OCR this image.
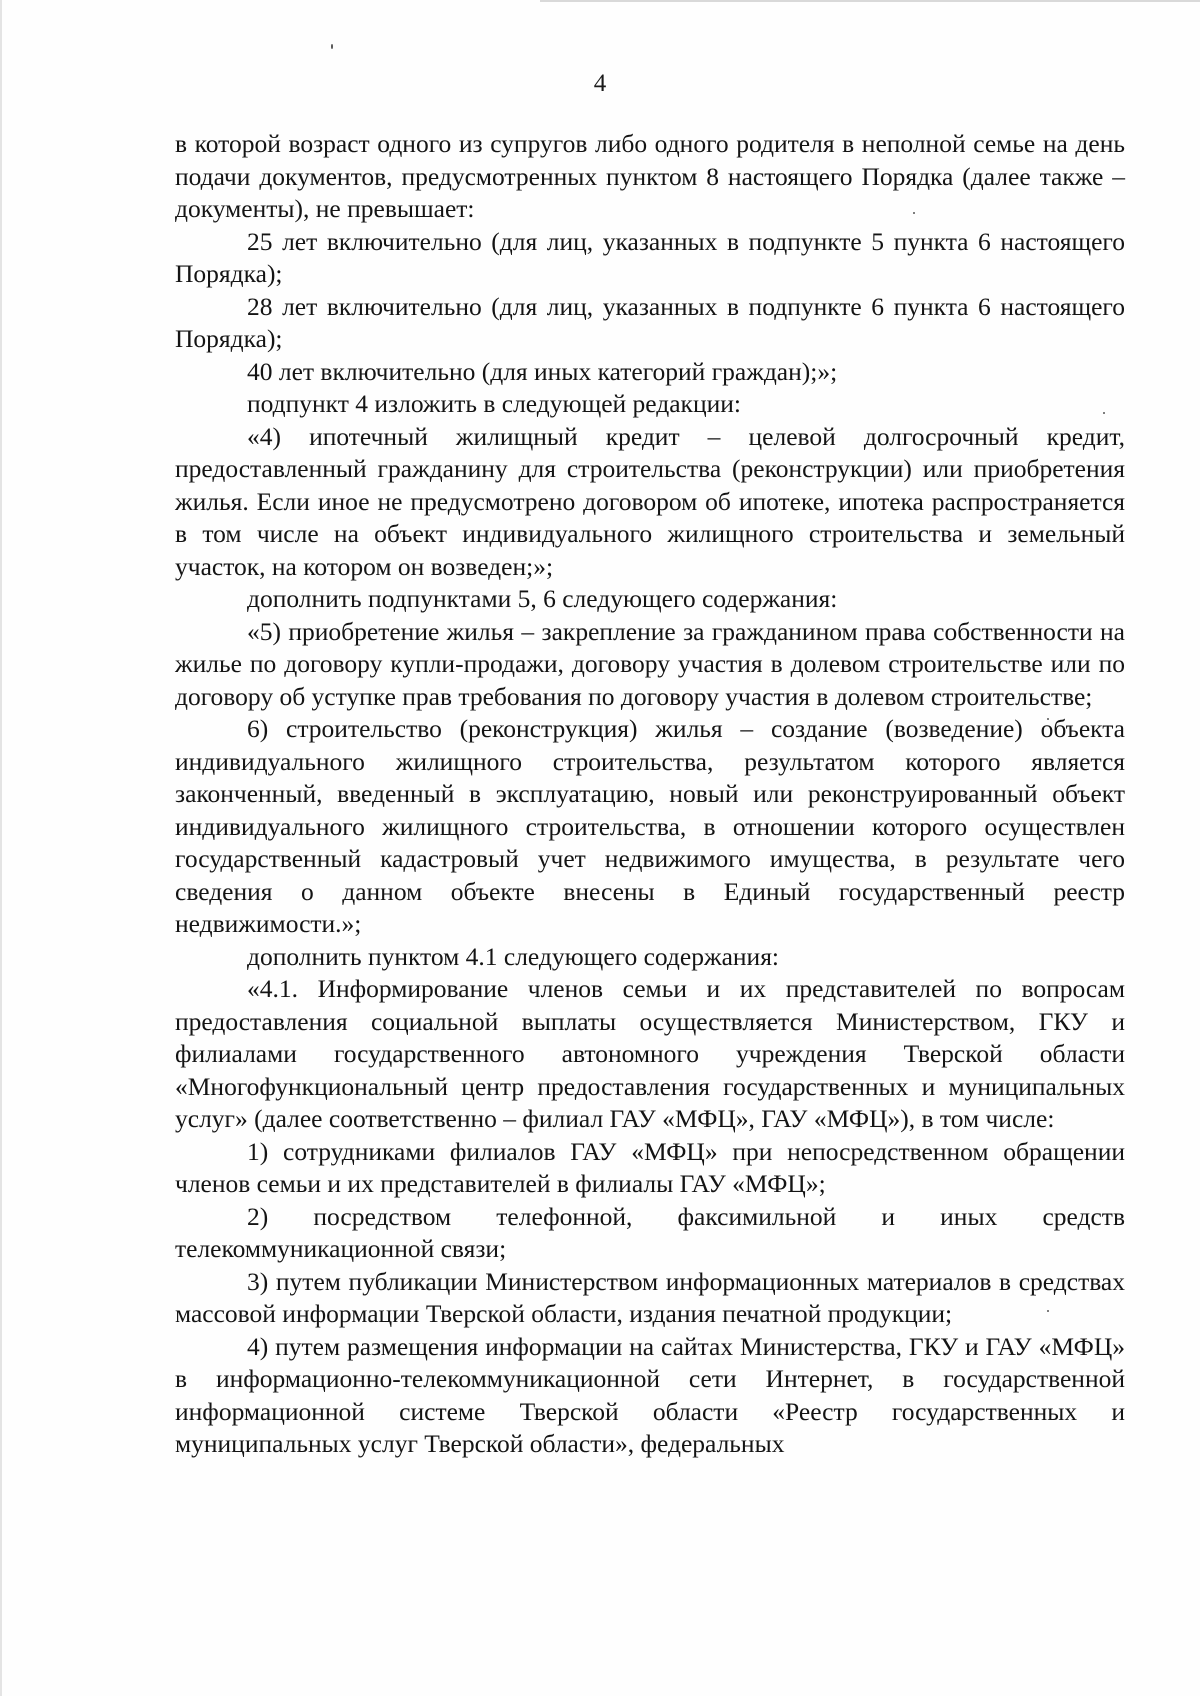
4

в которой возраст одного из супругов либо одного родителя в неполной семье на день подачи документов, предусмотренных пунктом 8 настоящего Порядка (далее также – документы), не превышает:

25 лет включительно (для лиц, указанных в подпункте 5 пункта 6 настоящего Порядка);

28 лет включительно (для лиц, указанных в подпункте 6 пункта 6 настоящего Порядка);

40 лет включительно (для иных категорий граждан);»;

подпункт 4 изложить в следующей редакции:

«4) ипотечный жилищный кредит – целевой долгосрочный кредит, предоставленный гражданину для строительства (реконструкции) или приобретения жилья. Если иное не предусмотрено договором об ипотеке, ипотека распространяется в том числе на объект индивидуального жилищного строительства и земельный участок, на котором он возведен;»;

дополнить подпунктами 5, 6 следующего содержания:

«5) приобретение жилья – закрепление за гражданином права собственности на жилье по договору купли-продажи, договору участия в долевом строительстве или по договору об уступке прав требования по договору участия в долевом строительстве;

6) строительство (реконструкция) жилья – создание (возведение) объекта индивидуального жилищного строительства, результатом которого является законченный, введенный в эксплуатацию, новый или реконструированный объект индивидуального жилищного строительства, в отношении которого осуществлен государственный кадастровый учет недвижимого имущества, в результате чего сведения о данном объекте внесены в Единый государственный реестр недвижимости.»;

дополнить пунктом 4.1 следующего содержания:

«4.1. Информирование членов семьи и их представителей по вопросам предоставления социальной выплаты осуществляется Министерством, ГКУ и филиалами государственного автономного учреждения Тверской области «Многофункциональный центр предоставления государственных и муниципальных услуг» (далее соответственно – филиал ГАУ «МФЦ», ГАУ «МФЦ»), в том числе:

1) сотрудниками филиалов ГАУ «МФЦ» при непосредственном обращении членов семьи и их представителей в филиалы ГАУ «МФЦ»;

2) посредством телефонной, факсимильной и иных средств телекоммуникационной связи;

3) путем публикации Министерством информационных материалов в средствах массовой информации Тверской области, издания печатной продукции;

4) путем размещения информации на сайтах Министерства, ГКУ и ГАУ «МФЦ» в информационно-телекоммуникационной сети Интернет, в государственной информационной системе Тверской области «Реестр государственных и муниципальных услуг Тверской области», федеральных
